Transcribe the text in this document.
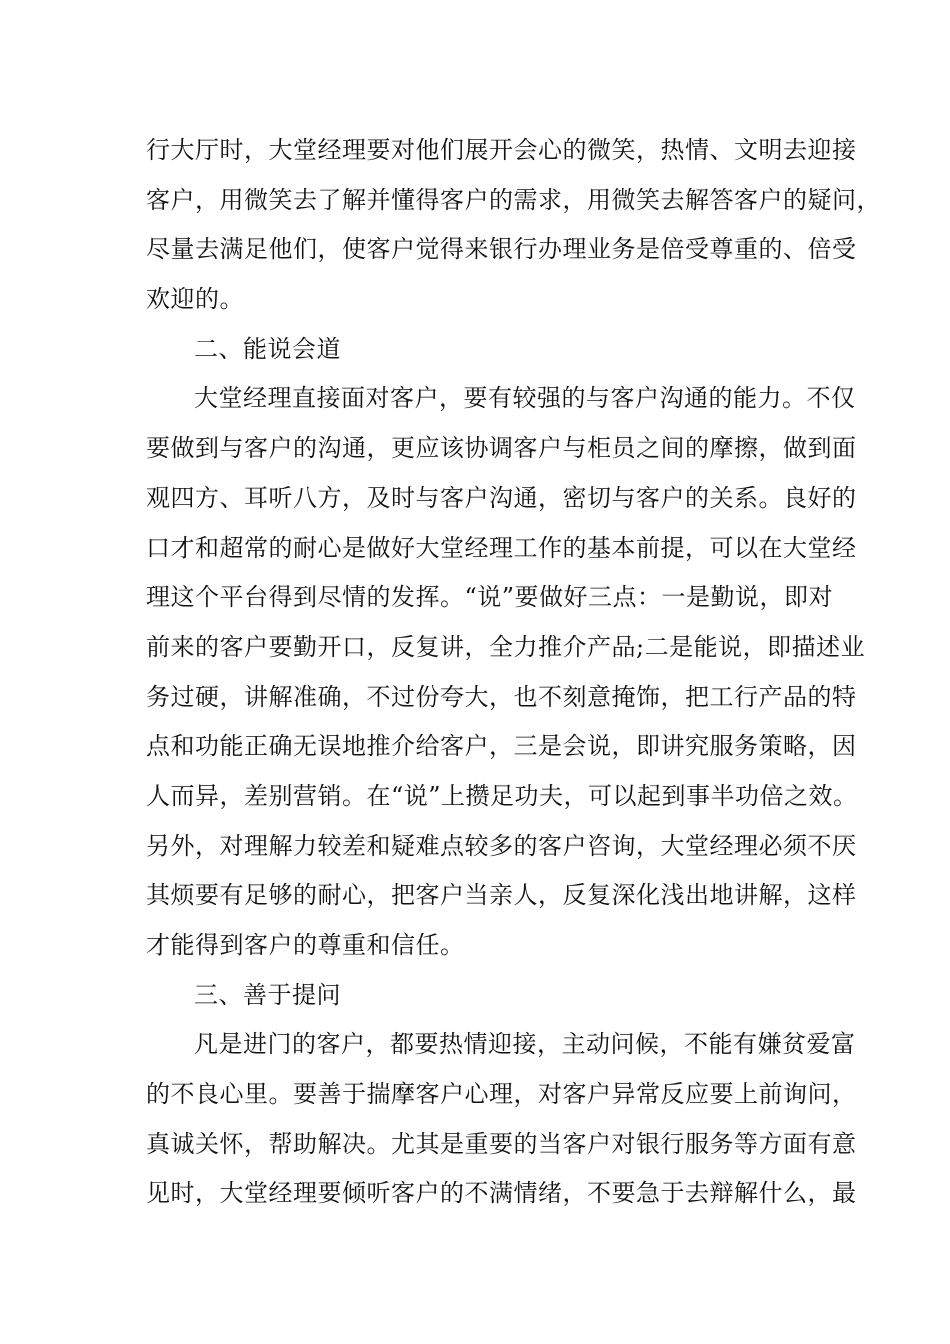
行大厅时，大堂经理要对他们展开会心的微笑，热情、文明去迎接
客户，用微笑去了解并懂得客户的需求，用微笑去解答客户的疑问，
尽量去满足他们，使客户觉得来银行办理业务是倍受尊重的、倍受
欢迎的。
二、能说会道
大堂经理直接面对客户，要有较强的与客户沟通的能力。不仅
要做到与客户的沟通，更应该协调客户与柜员之间的摩擦，做到面
观四方、耳听八方，及时与客户沟通，密切与客户的关系。良好的
口才和超常的耐心是做好大堂经理工作的基本前提，可以在大堂经
理这个平台得到尽情的发挥。“说”要做好三点：一是勤说，即对
前来的客户要勤开口，反复讲，全力推介产品;二是能说，即描述业
务过硬，讲解准确，不过份夸大，也不刻意掩饰，把工行产品的特
点和功能正确无误地推介给客户，三是会说，即讲究服务策略，因
人而异，差别营销。在“说”上攒足功夫，可以起到事半功倍之效。
另外，对理解力较差和疑难点较多的客户咨询，大堂经理必须不厌
其烦要有足够的耐心，把客户当亲人，反复深化浅出地讲解，这样
才能得到客户的尊重和信任。
三、善于提问
凡是进门的客户，都要热情迎接，主动问候，不能有嫌贫爱富
的不良心里。要善于揣摩客户心理，对客户异常反应要上前询问，
真诚关怀，帮助解决。尤其是重要的当客户对银行服务等方面有意
见时，大堂经理要倾听客户的不满情绪，不要急于去辩解什么，最
